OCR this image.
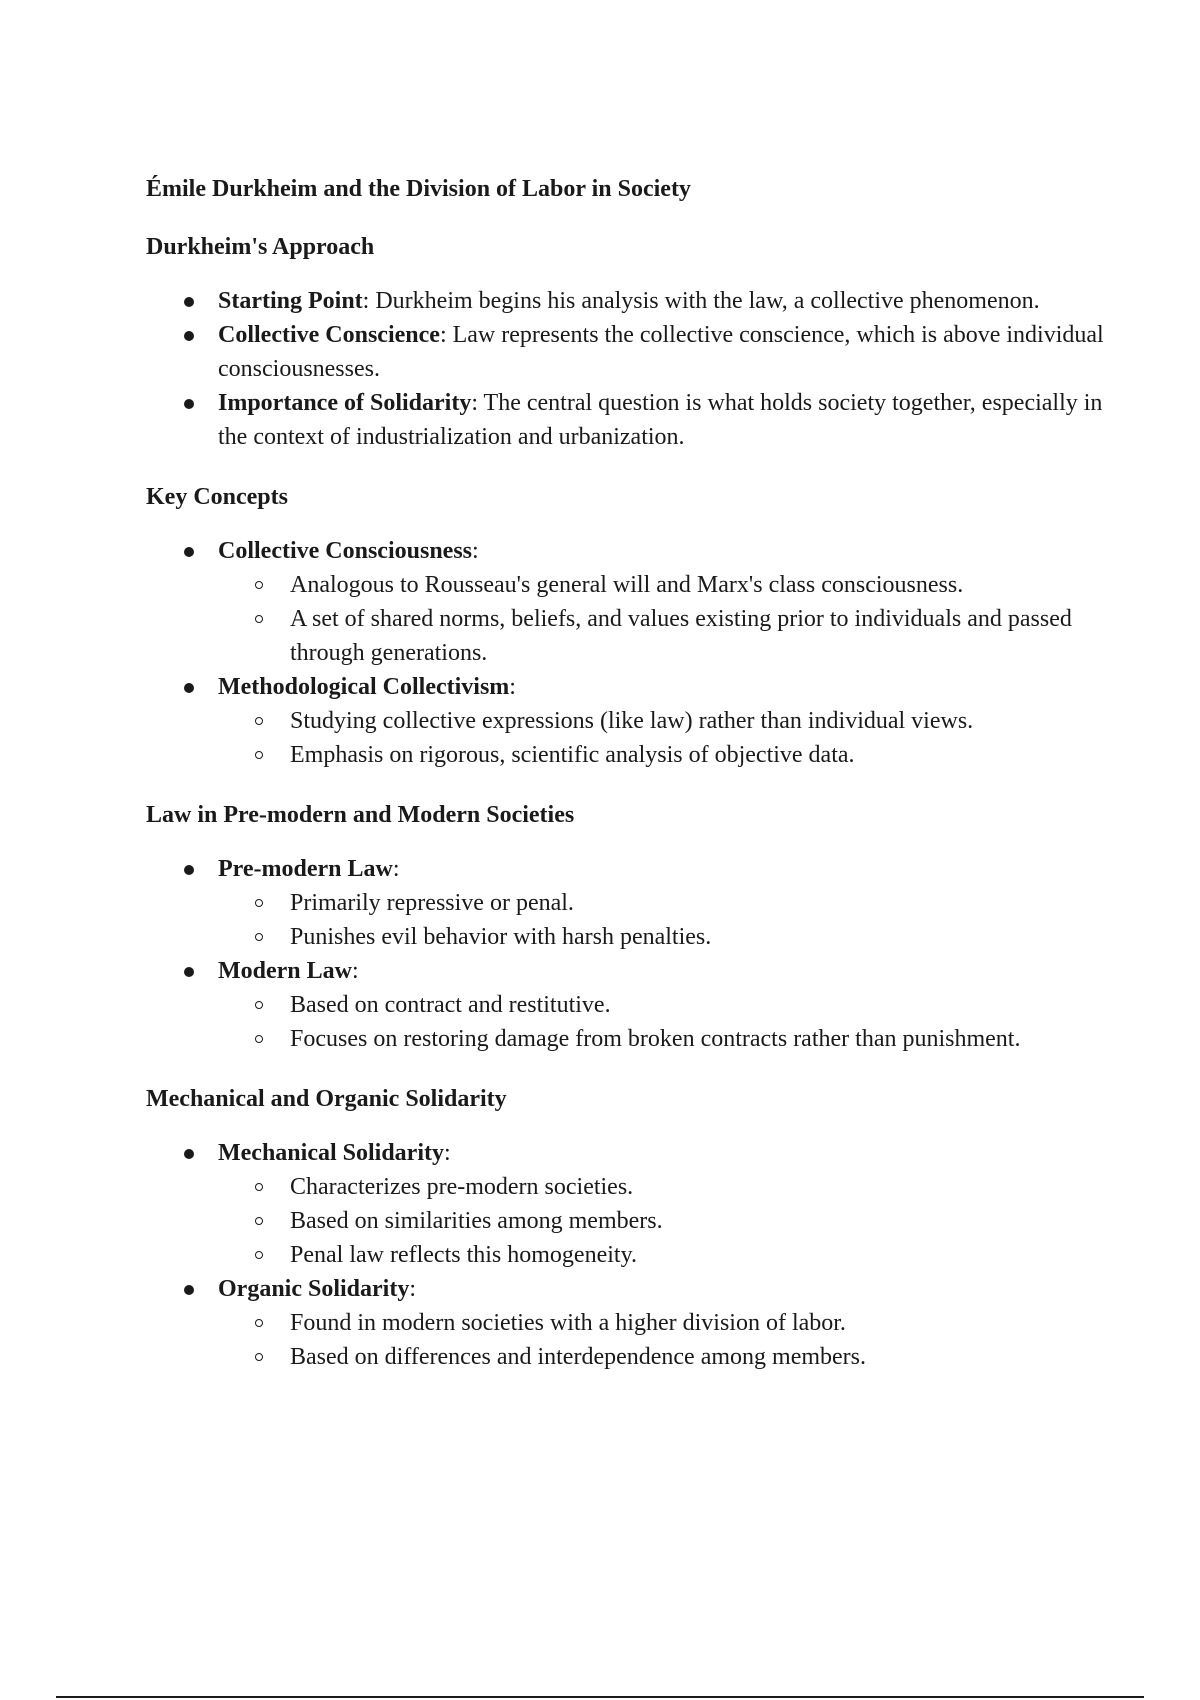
Émile Durkheim and the Division of Labor in Society
Durkheim's Approach
Starting Point: Durkheim begins his analysis with the law, a collective phenomenon.
Collective Conscience: Law represents the collective conscience, which is above individual consciousnesses.
Importance of Solidarity: The central question is what holds society together, especially in the context of industrialization and urbanization.
Key Concepts
Collective Consciousness:
Analogous to Rousseau's general will and Marx's class consciousness.
A set of shared norms, beliefs, and values existing prior to individuals and passed through generations.
Methodological Collectivism:
Studying collective expressions (like law) rather than individual views.
Emphasis on rigorous, scientific analysis of objective data.
Law in Pre-modern and Modern Societies
Pre-modern Law:
Primarily repressive or penal.
Punishes evil behavior with harsh penalties.
Modern Law:
Based on contract and restitutive.
Focuses on restoring damage from broken contracts rather than punishment.
Mechanical and Organic Solidarity
Mechanical Solidarity:
Characterizes pre-modern societies.
Based on similarities among members.
Penal law reflects this homogeneity.
Organic Solidarity:
Found in modern societies with a higher division of labor.
Based on differences and interdependence among members.
